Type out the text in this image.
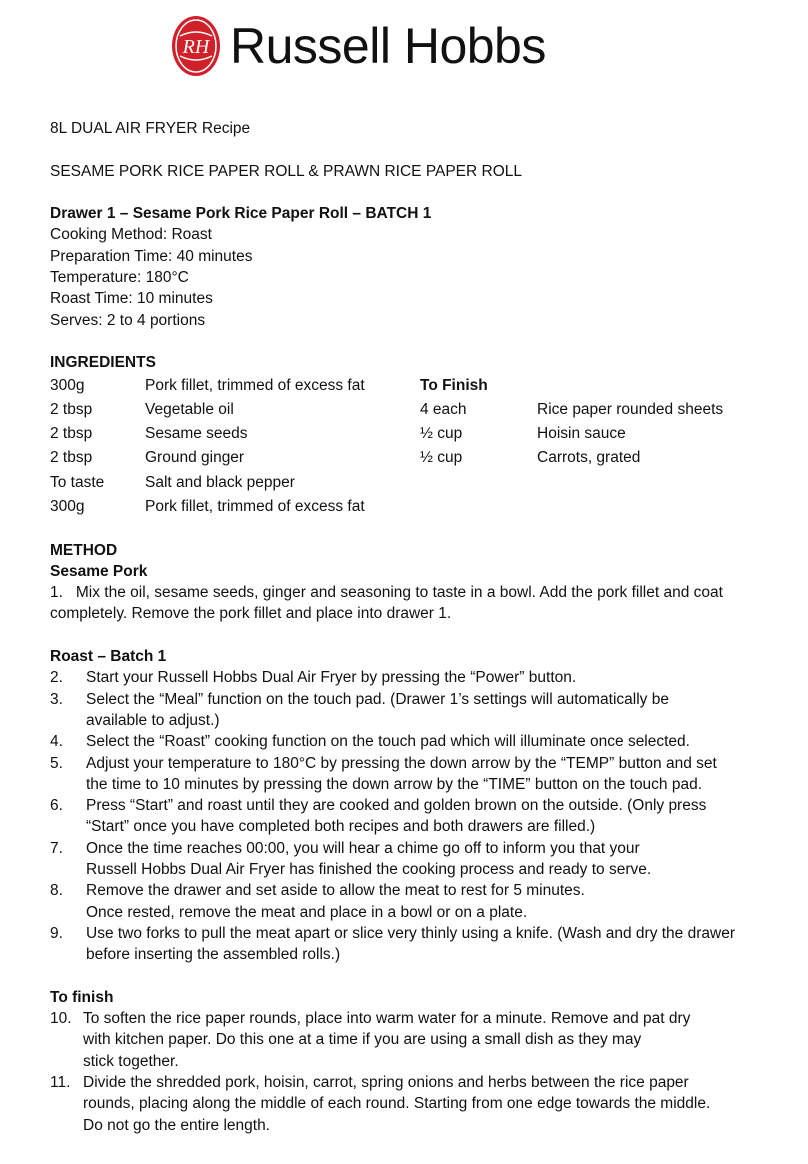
RH Russell Hobbs
8L DUAL AIR FRYER Recipe
SESAME PORK RICE PAPER ROLL & PRAWN RICE PAPER ROLL
Drawer 1 – Sesame Pork Rice Paper Roll – BATCH 1
Cooking Method: Roast
Preparation Time: 40 minutes
Temperature: 180°C
Roast Time: 10 minutes
Serves: 2 to 4 portions
INGREDIENTS
300g	Pork fillet, trimmed of excess fat	To Finish
2 tbsp	Vegetable oil	4 each	Rice paper rounded sheets
2 tbsp	Sesame seeds	½ cup	Hoisin sauce
2 tbsp	Ground ginger	½ cup	Carrots, grated
To taste	Salt and black pepper
300g	Pork fillet, trimmed of excess fat
METHOD
Sesame Pork
1. Mix the oil, sesame seeds, ginger and seasoning to taste in a bowl. Add the pork fillet and coat
completely. Remove the pork fillet and place into drawer 1.
Roast – Batch 1
2. Start your Russell Hobbs Dual Air Fryer by pressing the “Power” button.
3. Select the “Meal” function on the touch pad. (Drawer 1’s settings will automatically be
available to adjust.)
4. Select the “Roast” cooking function on the touch pad which will illuminate once selected.
5. Adjust your temperature to 180°C by pressing the down arrow by the “TEMP” button and set
the time to 10 minutes by pressing the down arrow by the “TIME” button on the touch pad.
6. Press “Start” and roast until they are cooked and golden brown on the outside. (Only press
“Start” once you have completed both recipes and both drawers are filled.)
7. Once the time reaches 00:00, you will hear a chime go off to inform you that your
Russell Hobbs Dual Air Fryer has finished the cooking process and ready to serve.
8. Remove the drawer and set aside to allow the meat to rest for 5 minutes.
Once rested, remove the meat and place in a bowl or on a plate.
9. Use two forks to pull the meat apart or slice very thinly using a knife. (Wash and dry the drawer
before inserting the assembled rolls.)
To finish
10. To soften the rice paper rounds, place into warm water for a minute. Remove and pat dry
with kitchen paper. Do this one at a time if you are using a small dish as they may
stick together.
11. Divide the shredded pork, hoisin, carrot, spring onions and herbs between the rice paper
rounds, placing along the middle of each round. Starting from one edge towards the middle.
Do not go the entire length.
